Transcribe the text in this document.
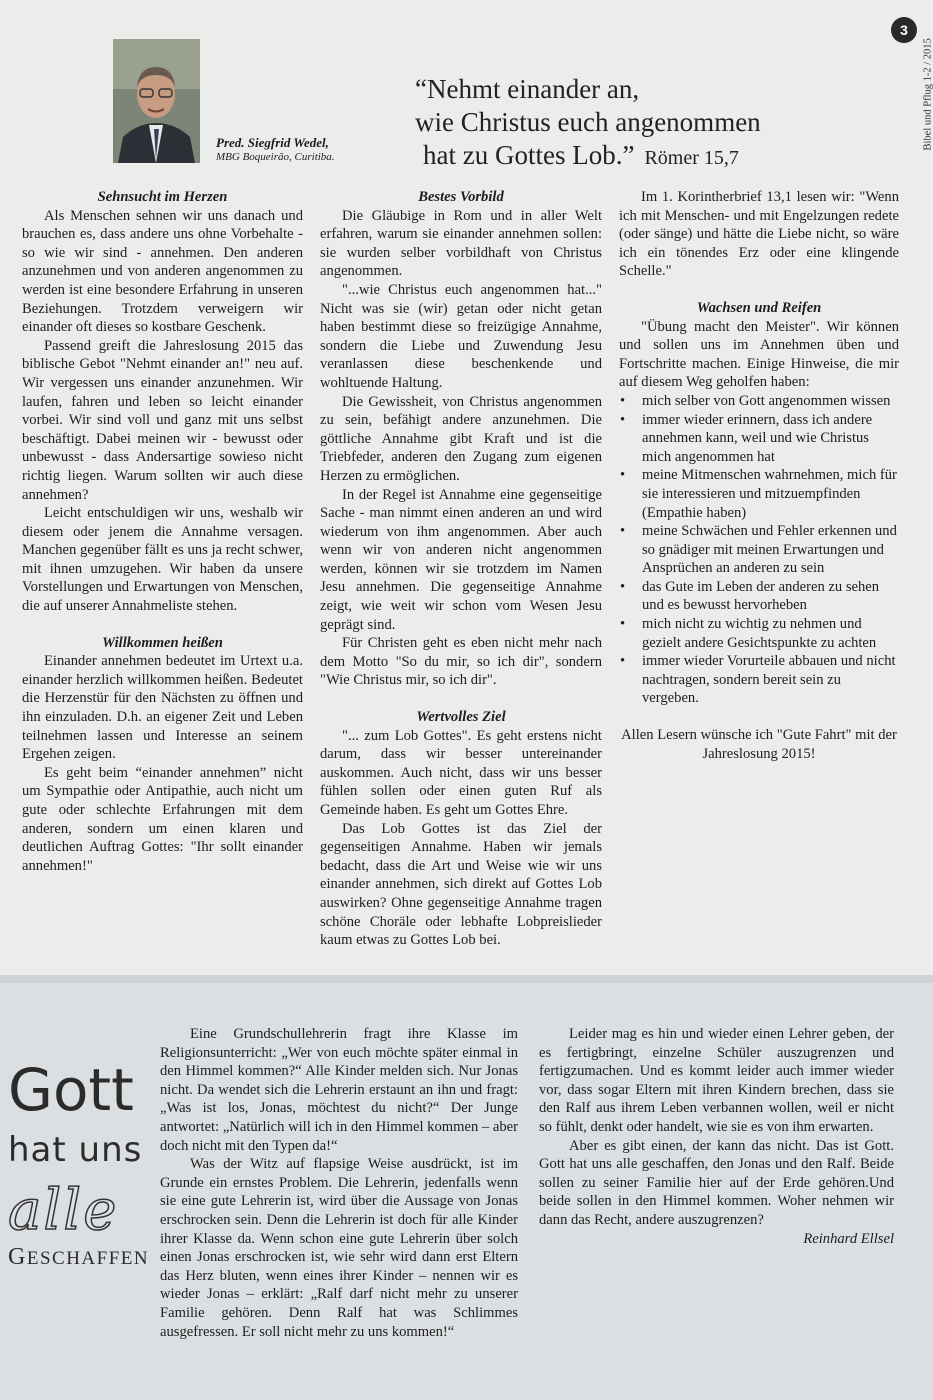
Pred. Siegfrid Wedel,
MBG Boqueirão, Curitiba.
“Nehmt einander an,
wie Christus euch angenommen
hat zu Gottes Lob.” Römer 15,7
3
Bibel und Pflug 1-2 / 2015
Sehnsucht im Herzen

Als Menschen sehnen wir uns danach und brauchen es, dass andere uns ohne Vorbehalte - so wie wir sind - annehmen. Den anderen anzunehmen und von anderen angenommen zu werden ist eine besondere Erfahrung in unseren Beziehungen. Trotzdem verweigern wir einander oft dieses so kostbare Geschenk.

Passend greift die Jahreslosung 2015 das biblische Gebot "Nehmt einander an!" neu auf. Wir vergessen uns einander anzunehmen. Wir laufen, fahren und leben so leicht einander vorbei. Wir sind voll und ganz mit uns selbst beschäftigt. Dabei meinen wir - bewusst oder unbewusst - dass Andersartige sowieso nicht richtig liegen. Warum sollten wir auch diese annehmen?

Leicht entschuldigen wir uns, weshalb wir diesem oder jenem die Annahme versagen. Manchen gegenüber fällt es uns ja recht schwer, mit ihnen umzugehen. Wir haben da unsere Vorstellungen und Erwartungen von Menschen, die auf unserer Annahmeliste stehen.

Willkommen heißen

Einander annehmen bedeutet im Urtext u.a. einander herzlich willkommen heißen. Bedeutet die Herzenstür für den Nächsten zu öffnen und ihn einzuladen. D.h. an eigener Zeit und Leben teilnehmen lassen und Interesse an seinem Ergehen zeigen.

Es geht beim “einander annehmen” nicht um Sympathie oder Antipathie, auch nicht um gute oder schlechte Erfahrungen mit dem anderen, sondern um einen klaren und deutlichen Auftrag Gottes: "Ihr sollt einander annehmen!"

Bestes Vorbild

Die Gläubige in Rom und in aller Welt erfahren, warum sie einander annehmen sollen: sie wurden selber vorbildhaft von Christus angenommen.

"...wie Christus euch angenommen hat..." Nicht was sie (wir) getan oder nicht getan haben bestimmt diese so freizügige Annahme, sondern die Liebe und Zuwendung Jesu veranlassen diese beschenkende und wohltuende Haltung.

Die Gewissheit, von Christus angenommen zu sein, befähigt andere anzunehmen. Die göttliche Annahme gibt Kraft und ist die Triebfeder, anderen den Zugang zum eigenen Herzen zu ermöglichen.

In der Regel ist Annahme eine gegenseitige Sache - man nimmt einen anderen an und wird wiederum von ihm angenommen. Aber auch wenn wir von anderen nicht angenommen werden, können wir sie trotzdem im Namen Jesu annehmen. Die gegenseitige Annahme zeigt, wie weit wir schon vom Wesen Jesu geprägt sind.

Für Christen geht es eben nicht mehr nach dem Motto "So du mir, so ich dir", sondern "Wie Christus mir, so ich dir".

Wertvolles Ziel

"... zum Lob Gottes". Es geht erstens nicht darum, dass wir besser untereinander auskommen. Auch nicht, dass wir uns besser fühlen sollen oder einen guten Ruf als Gemeinde haben. Es geht um Gottes Ehre.

Das Lob Gottes ist das Ziel der gegenseitigen Annahme. Haben wir jemals bedacht, dass die Art und Weise wie wir uns einander annehmen, sich direkt auf Gottes Lob auswirken? Ohne gegenseitige Annahme tragen schöne Choräle oder lebhafte Lobpreislieder kaum etwas zu Gottes Lob bei.

Im 1. Korintherbrief 13,1 lesen wir: "Wenn ich mit Menschen- und mit Engelzungen redete (oder sänge) und hätte die Liebe nicht, so wäre ich ein tönendes Erz oder eine klingende Schelle."

Wachsen und Reifen

"Übung macht den Meister". Wir können und sollen uns im Annehmen üben und Fortschritte machen. Einige Hinweise, die mir auf diesem Weg geholfen haben:

• mich selber von Gott angenommen wissen
• immer wieder erinnern, dass ich andere annehmen kann, weil und wie Christus mich angenommen hat
• meine Mitmenschen wahrnehmen, mich für sie interessieren und mitzuempfinden (Empathie haben)
• meine Schwächen und Fehler erkennen und so gnädiger mit meinen Erwartungen und Ansprüchen an anderen zu sein
• das Gute im Leben der anderen zu sehen und es bewusst hervorheben
• mich nicht zu wichtig zu nehmen und gezielt andere Gesichtspunkte zu achten
• immer wieder Vorurteile abbauen und nicht nachtragen, sondern bereit sein zu vergeben.

Allen Lesern wünsche ich "Gute Fahrt" mit der Jahreslosung 2015!

Gott
hat uns
alle
GESCHAFFEN

Eine Grundschullehrerin fragt ihre Klasse im Religionsunterricht: „Wer von euch möchte später einmal in den Himmel kommen?“ Alle Kinder melden sich. Nur Jonas nicht. Da wendet sich die Lehrerin erstaunt an ihn und fragt: „Was ist los, Jonas, möchtest du nicht?“ Der Junge antwortet: „Natürlich will ich in den Himmel kommen – aber doch nicht mit den Typen da!“

Was der Witz auf flapsige Weise ausdrückt, ist im Grunde ein ernstes Problem. Die Lehrerin, jedenfalls wenn sie eine gute Lehrerin ist, wird über die Aussage von Jonas erschrocken sein. Denn die Lehrerin ist doch für alle Kinder ihrer Klasse da. Wenn schon eine gute Lehrerin über solch einen Jonas erschrocken ist, wie sehr wird dann erst Eltern das Herz bluten, wenn eines ihrer Kinder – nennen wir es wieder Jonas – erklärt: „Ralf darf nicht mehr zu unserer Familie gehören. Denn Ralf hat was Schlimmes ausgefressen. Er soll nicht mehr zu uns kommen!“

Leider mag es hin und wieder einen Lehrer geben, der es fertigbringt, einzelne Schüler auszugrenzen und fertigzumachen. Und es kommt leider auch immer wieder vor, dass sogar Eltern mit ihren Kindern brechen, dass sie den Ralf aus ihrem Leben verbannen wollen, weil er nicht so fühlt, denkt oder handelt, wie sie es von ihm erwarten.

Aber es gibt einen, der kann das nicht. Das ist Gott. Gott hat uns alle geschaffen, den Jonas und den Ralf. Beide sollen zu seiner Familie hier auf der Erde gehören.Und beide sollen in den Himmel kommen. Woher nehmen wir dann das Recht, andere auszugrenzen?

Reinhard Ellsel
